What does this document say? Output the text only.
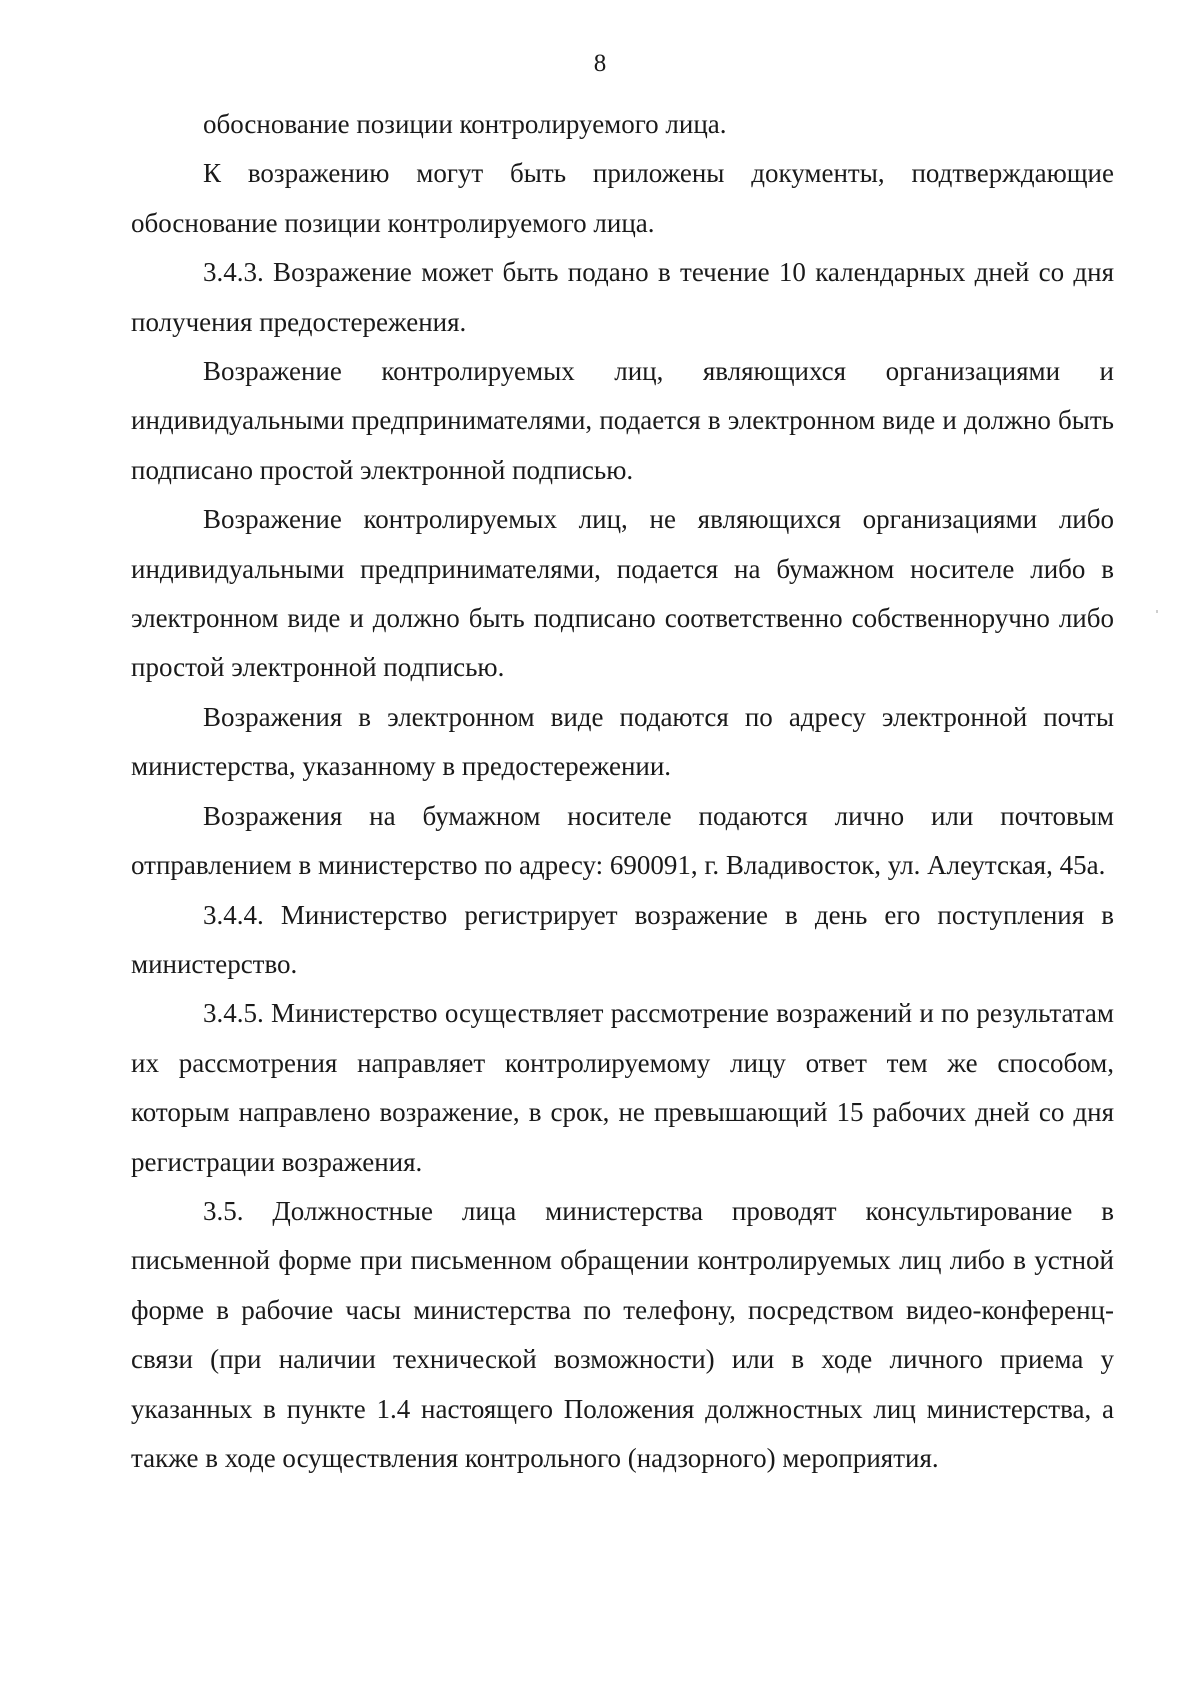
8

обоснование позиции контролируемого лица.

К возражению могут быть приложены документы, подтверждающие обоснование позиции контролируемого лица.

3.4.3. Возражение может быть подано в течение 10 календарных дней со дня получения предостережения.

Возражение контролируемых лиц, являющихся организациями и индивидуальными предпринимателями, подается в электронном виде и должно быть подписано простой электронной подписью.

Возражение контролируемых лиц, не являющихся организациями либо индивидуальными предпринимателями, подается на бумажном носителе либо в электронном виде и должно быть подписано соответственно собственноручно либо простой электронной подписью.

Возражения в электронном виде подаются по адресу электронной почты министерства, указанному в предостережении.

Возражения на бумажном носителе подаются лично или почтовым отправлением в министерство по адресу: 690091, г. Владивосток, ул. Алеутская, 45а.

3.4.4. Министерство регистрирует возражение в день его поступления в министерство.

3.4.5. Министерство осуществляет рассмотрение возражений и по результатам их рассмотрения направляет контролируемому лицу ответ тем же способом, которым направлено возражение, в срок, не превышающий 15 рабочих дней со дня регистрации возражения.

3.5. Должностные лица министерства проводят консультирование в письменной форме при письменном обращении контролируемых лиц либо в устной форме в рабочие часы министерства по телефону, посредством видео-конференц-связи (при наличии технической возможности) или в ходе личного приема у указанных в пункте 1.4 настоящего Положения должностных лиц министерства, а также в ходе осуществления контрольного (надзорного) мероприятия.
